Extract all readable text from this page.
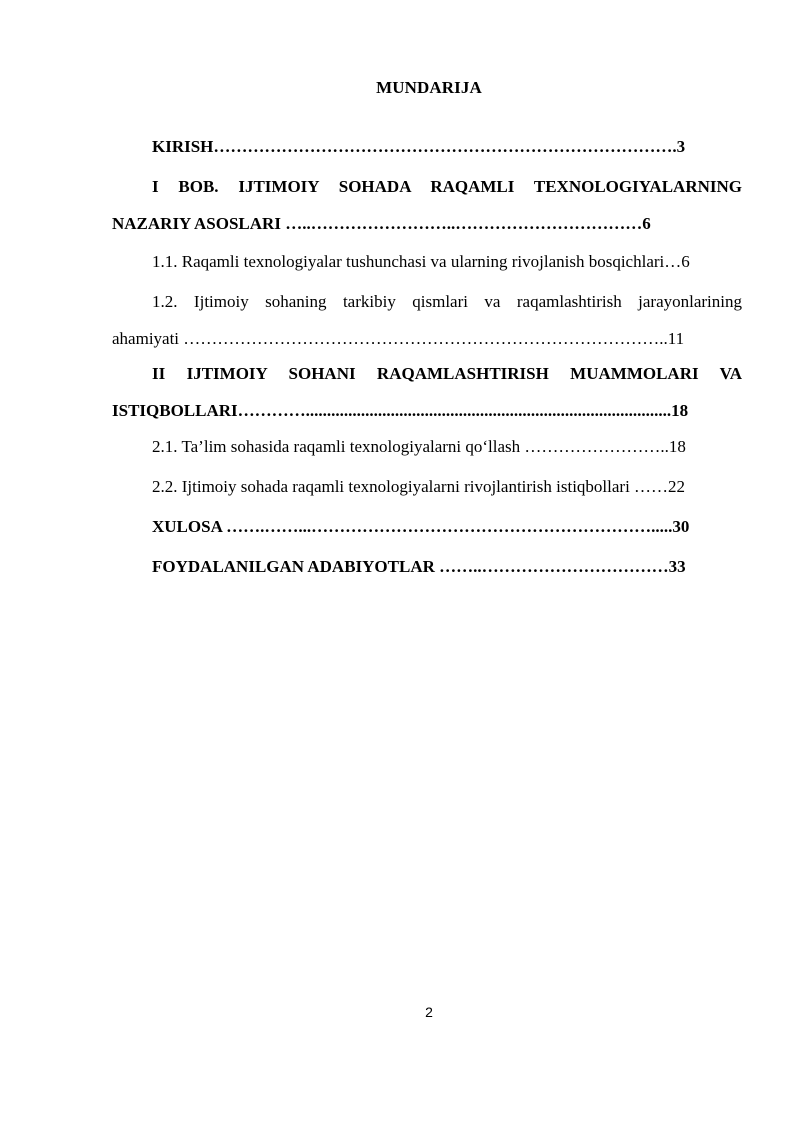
MUNDARIJA
KIRISH……………………………………………………………………….3
I BOB. IJTIMOIY SOHADA RAQAMLI TEXNOLOGIYALARNING
NAZARIY ASOSLARI …..……………………..……………………………6
1.1. Raqamli texnologiyalar tushunchasi va ularning rivojlanish bosqichlari…6
1.2. Ijtimoiy sohaning tarkibiy qismlari va raqamlashtirish jarayonlarining
ahamiyati …………………………………………………………………………..11
II IJTIMOIY SOHANI RAQAMLASHTIRISH MUAMMOLARI VA
ISTIQBOLLARI…………......................................................................................18
2.1. Ta’lim sohasida raqamli texnologiyalarni qo‘llash ……………………..18
2.2. Ijtimoiy sohada raqamli texnologiyalarni rivojlantirish istiqbollari ……22
XULOSA …….……...…………………………………………………….....30
FOYDALANILGAN ADABIYOTLAR ……..……………………………33
2
